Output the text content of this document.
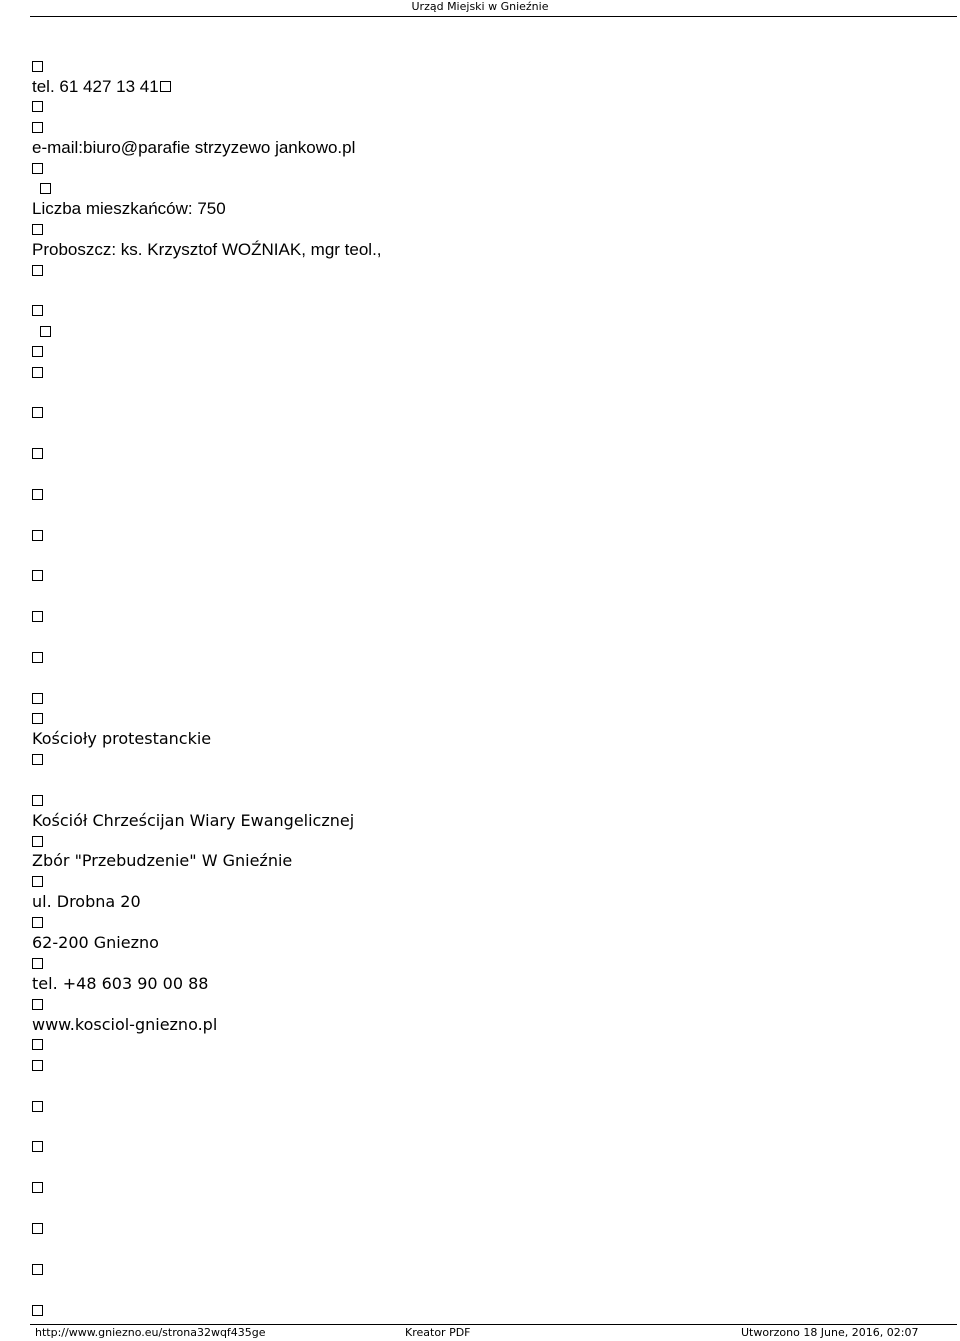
Urząd Miejski w Gnieźnie
tel. 61 427 13 41
e-mail:biuro@parafie strzyzewo jankowo.pl
Liczba mieszkańców: 750
Proboszcz: ks. Krzysztof WOŹNIAK, mgr teol.,
Kościoły protestanckie
Kościół Chrześcijan Wiary Ewangelicznej
Zbór "Przebudzenie" W Gnieźnie
ul. Drobna 20
62-200 Gniezno
tel. +48 603 90 00 88
www.kosciol-gniezno.pl
http://www.gniezno.eu/strona32wqf435ge	Kreator PDF	Utworzono 18 June, 2016, 02:07
